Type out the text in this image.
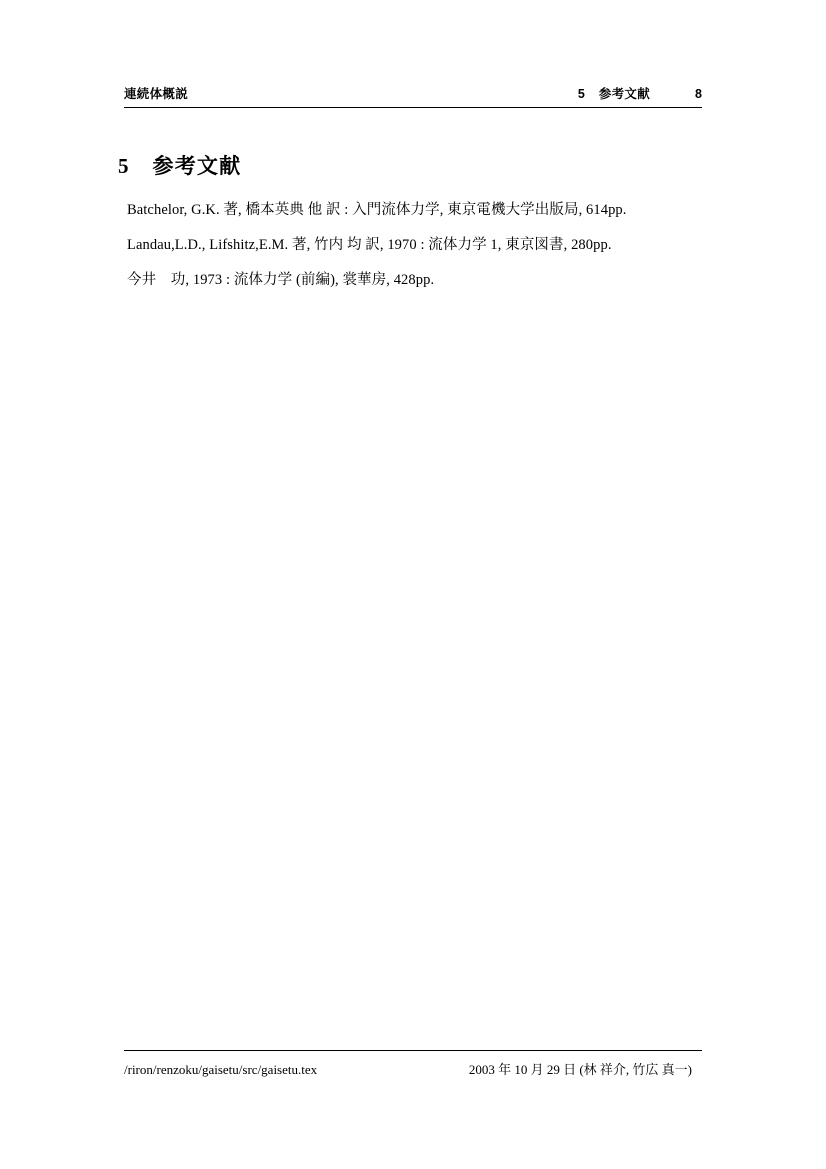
連続体概説	5 参考文献	8
5 参考文献
Batchelor, G.K. 著, 橋本英典 他 訳 : 入門流体力学, 東京電機大学出版局, 614pp.
Landau,L.D., Lifshitz,E.M. 著, 竹内 均 訳, 1970 : 流体力学 1, 東京図書, 280pp.
今井　功, 1973 : 流体力学 (前編), 裳華房, 428pp.
/riron/renzoku/gaisetu/src/gaisetu.tex	2003 年 10 月 29 日 (林 祥介, 竹広 真一)
